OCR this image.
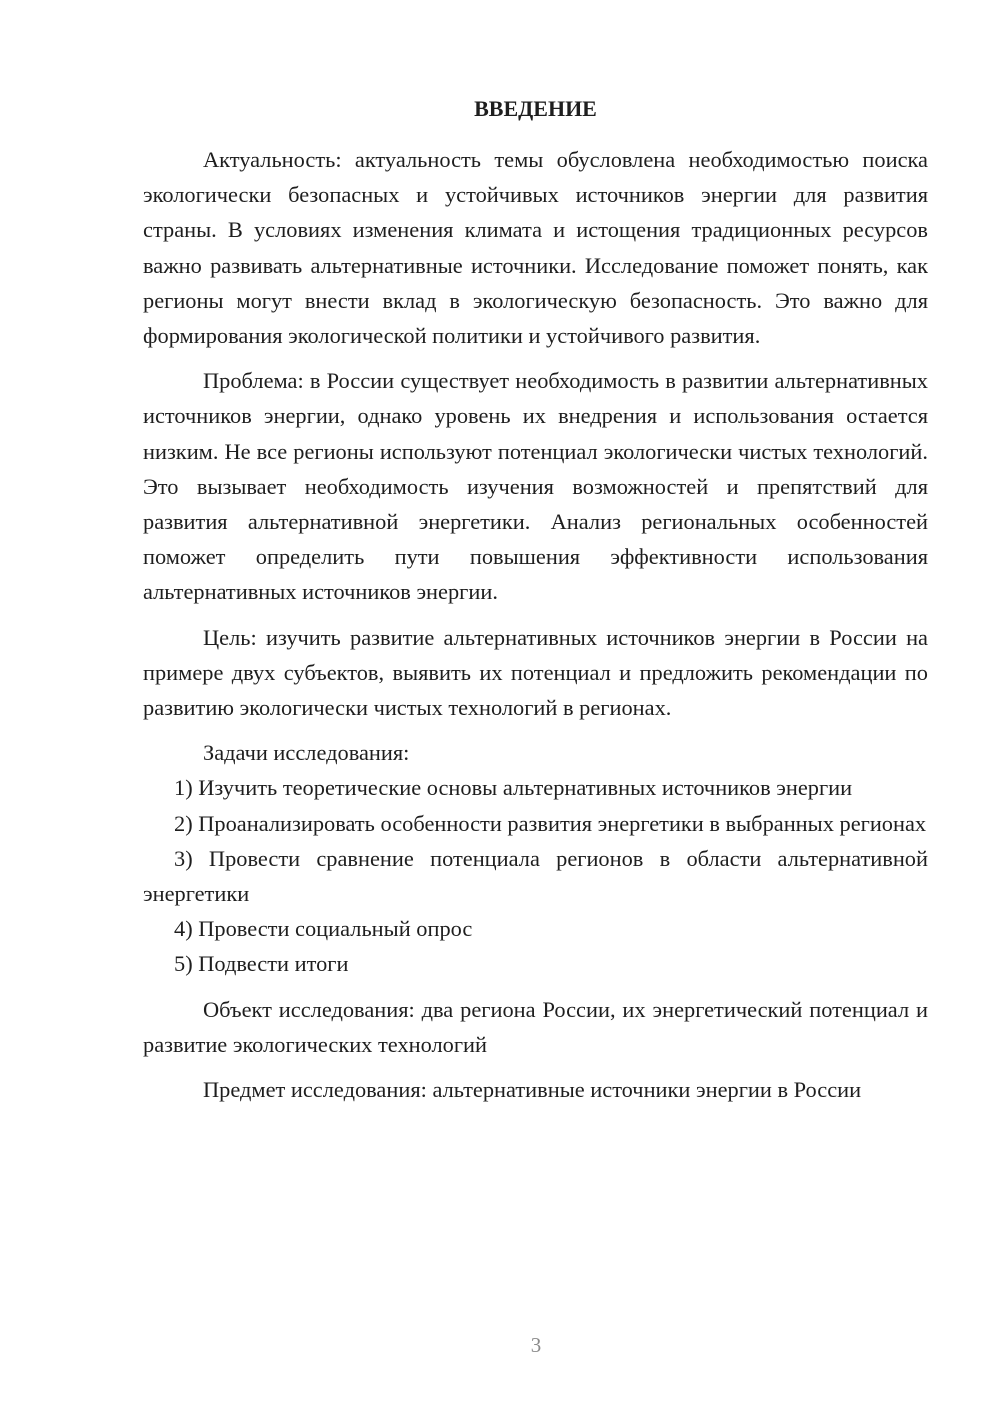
ВВЕДЕНИЕ

Актуальность: актуальность темы обусловлена необходимостью поиска экологически безопасных и устойчивых источников энергии для развития страны. В условиях изменения климата и истощения традиционных ресурсов важно развивать альтернативные источники. Исследование поможет понять, как регионы могут внести вклад в экологическую безопасность. Это важно для формирования экологической политики и устойчивого развития.

Проблема: в России существует необходимость в развитии альтернативных источников энергии, однако уровень их внедрения и использования остается низким. Не все регионы используют потенциал экологически чистых технологий. Это вызывает необходимость изучения возможностей и препятствий для развития альтернативной энергетики. Анализ региональных особенностей поможет определить пути повышения эффективности использования альтернативных источников энергии.

Цель: изучить развитие альтернативных источников энергии в России на примере двух субъектов, выявить их потенциал и предложить рекомендации по развитию экологически чистых технологий в регионах.

Задачи исследования:

1) Изучить теоретические основы альтернативных источников энергии

2) Проанализировать особенности развития энергетики в выбранных регионах

3) Провести сравнение потенциала регионов в области альтернативной энергетики

4) Провести социальный опрос

5) Подвести итоги

Объект исследования: два региона России, их энергетический потенциал и развитие экологических технологий

Предмет исследования: альтернативные источники энергии в России

3
